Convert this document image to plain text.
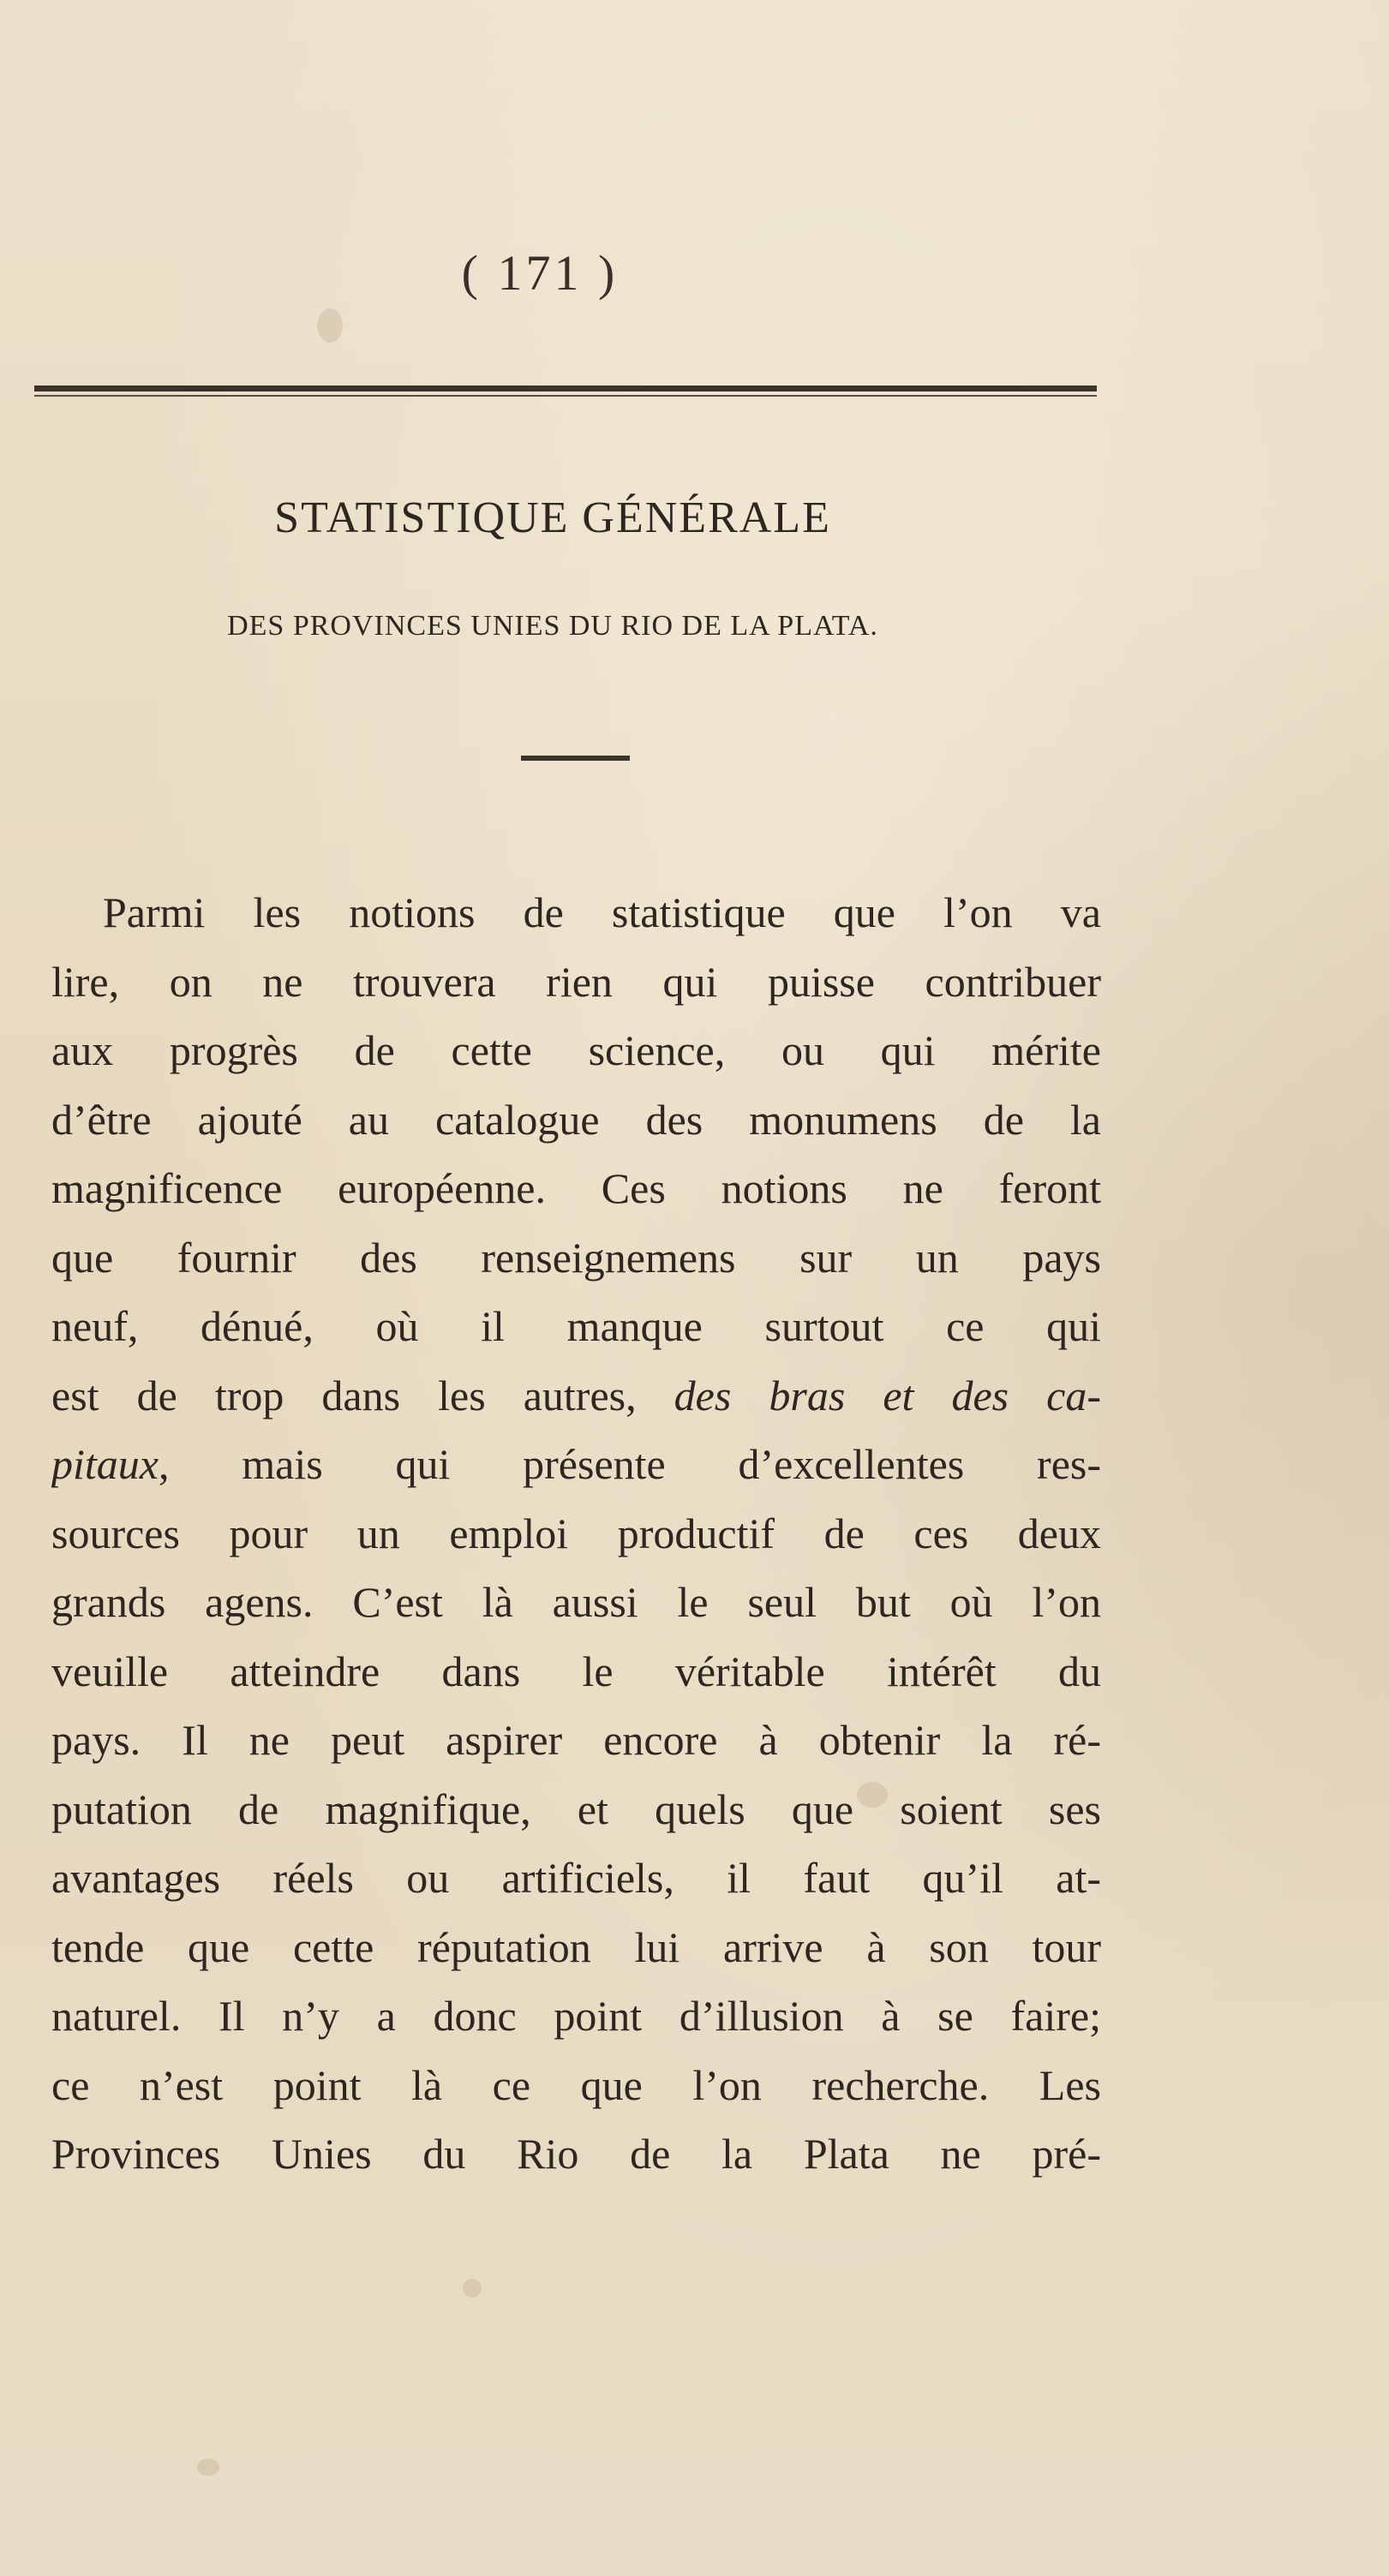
( 171 )
STATISTIQUE GÉNÉRALE
DES PROVINCES UNIES DU RIO DE LA PLATA.
Parmi les notions de statistique que l’on va
lire, on ne trouvera rien qui puisse contribuer
aux progrès de cette science, ou qui mérite
d’être ajouté au catalogue des monumens de la
magnificence européenne. Ces notions ne feront
que fournir des renseignemens sur un pays
neuf, dénué, où il manque surtout ce qui
est de trop dans les autres, des bras et des ca-
pitaux, mais qui présente d’excellentes res-
sources pour un emploi productif de ces deux
grands agens. C’est là aussi le seul but où l’on
veuille atteindre dans le véritable intérêt du
pays. Il ne peut aspirer encore à obtenir la ré-
putation de magnifique, et quels que soient ses
avantages réels ou artificiels, il faut qu’il at-
tende que cette réputation lui arrive à son tour
naturel. Il n’y a donc point d’illusion à se faire;
ce n’est point là ce que l’on recherche. Les
Provinces Unies du Rio de la Plata ne pré-
